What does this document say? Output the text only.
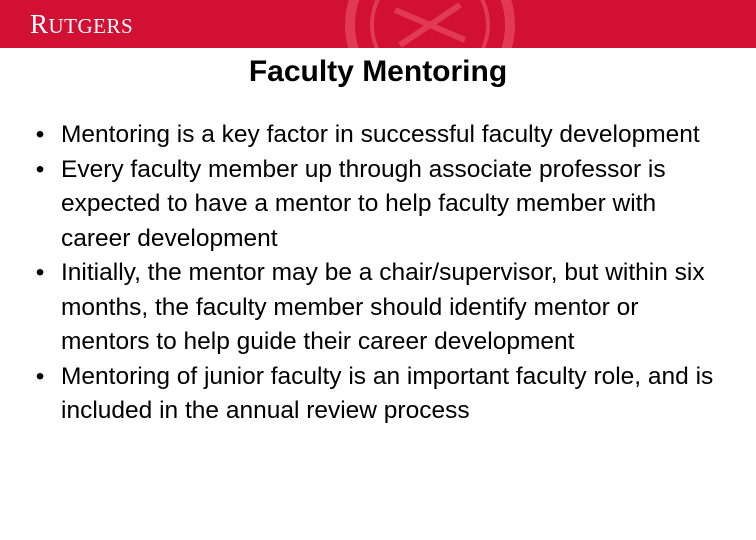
RUTGERS
Faculty Mentoring
• Mentoring is a key factor in successful faculty development
• Every faculty member up through associate professor is expected to have a mentor to help faculty member with career development
• Initially, the mentor may be a chair/supervisor, but within six months, the faculty member should identify mentor or mentors to help guide their career development
• Mentoring of junior faculty is an important faculty role, and is included in the annual review process
